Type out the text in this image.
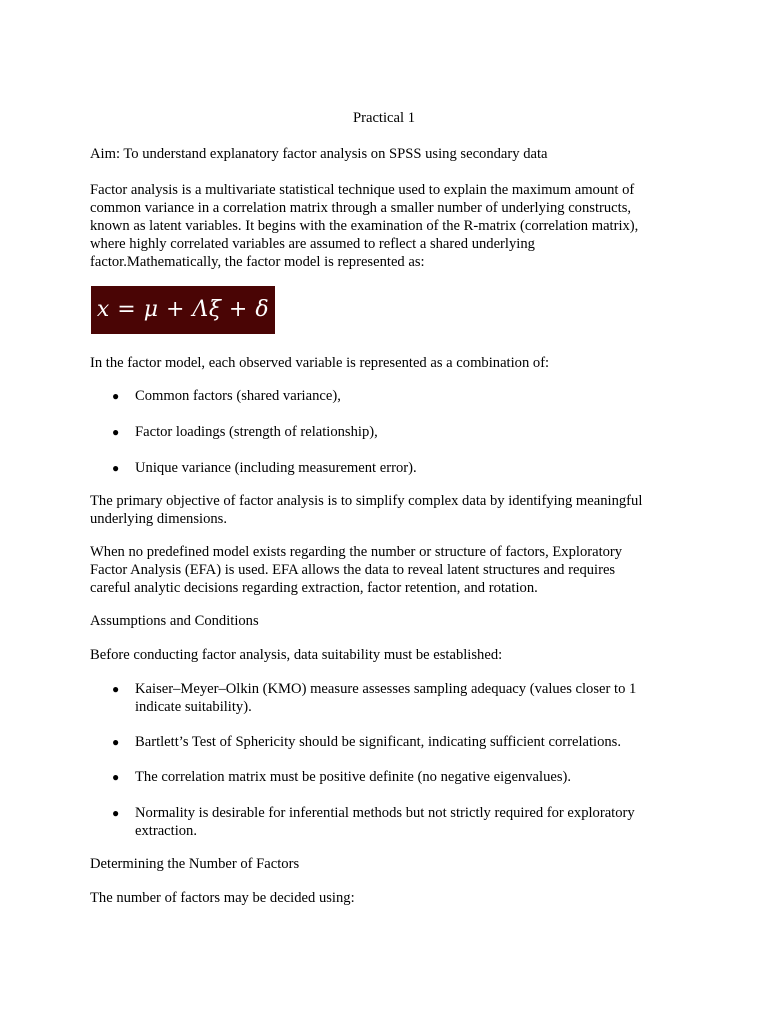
Practical 1

Aim: To understand explanatory factor analysis on SPSS using secondary data

Factor analysis is a multivariate statistical technique used to explain the maximum amount of
common variance in a correlation matrix through a smaller number of underlying constructs,
known as latent variables. It begins with the examination of the R-matrix (correlation matrix),
where highly correlated variables are assumed to reflect a shared underlying
factor.Mathematically, the factor model is represented as:
x = μ + Λξ + δ

In the factor model, each observed variable is represented as a combination of:

● Common factors (shared variance),
● Factor loadings (strength of relationship),
● Unique variance (including measurement error).
The primary objective of factor analysis is to simplify complex data by identifying meaningful
underlying dimensions.
When no predefined model exists regarding the number or structure of factors, Exploratory
Factor Analysis (EFA) is used. EFA allows the data to reveal latent structures and requires
careful analytic decisions regarding extraction, factor retention, and rotation.

Assumptions and Conditions

Before conducting factor analysis, data suitability must be established:

● Kaiser–Meyer–Olkin (KMO) measure assesses sampling adequacy (values closer to 1
indicate suitability).
● Bartlett’s Test of Sphericity should be significant, indicating sufficient correlations.
● The correlation matrix must be positive definite (no negative eigenvalues).
● Normality is desirable for inferential methods but not strictly required for exploratory
extraction.

Determining the Number of Factors

The number of factors may be decided using:
